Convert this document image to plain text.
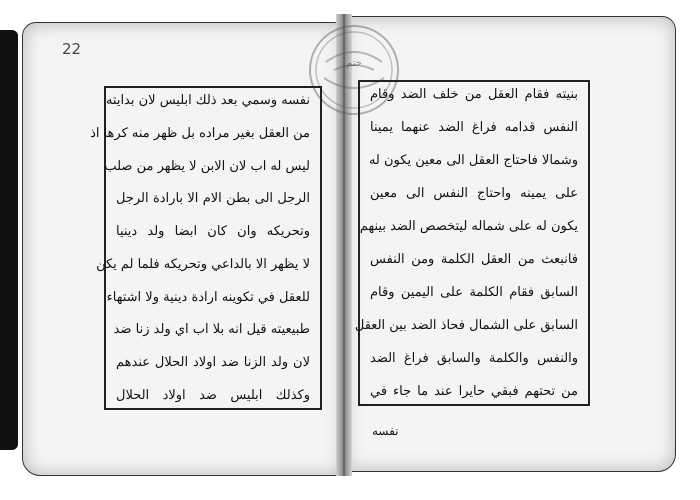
22
ختم
نفسه وسمي بعد ذلك ابليس لان بدايته
من العقل بغير مراده بل ظهر منه كرها اذ
ليس له اب لان الابن لا يظهر من صلب
الرجل الى بطن الام الا بارادة الرجل
وتحريكه وان كان ابضا ولد دينيا
لا يظهر الا بالداعي وتحريكه فلما لم يكن
للعقل في تكوينه ارادة دينية ولا اشتهاء
طبيعيته قيل انه بلا اب اي ولد زنا ضد
لان ولد الزنا ضد اولاد الحلال عندهم
وكذلك ابليس ضد اولاد الحلال
بنيته فقام العقل من خلف الضد وقام
النفس قدامه فراغ الضد عنهما يمينا
وشمالا فاحتاج العقل الى معين يكون له
على يمينه واحتاج النفس الى معين
يكون له على شماله ليتخصص الضد بينهم
فانبعث من العقل الكلمة ومن النفس
السابق فقام الكلمة على اليمين وقام
السابق على الشمال فحاذ الضد بين العقل
والنفس والكلمة والسابق فراغ الضد
من تحتهم فبقي حايرا عند ما جاء في
نفسه
